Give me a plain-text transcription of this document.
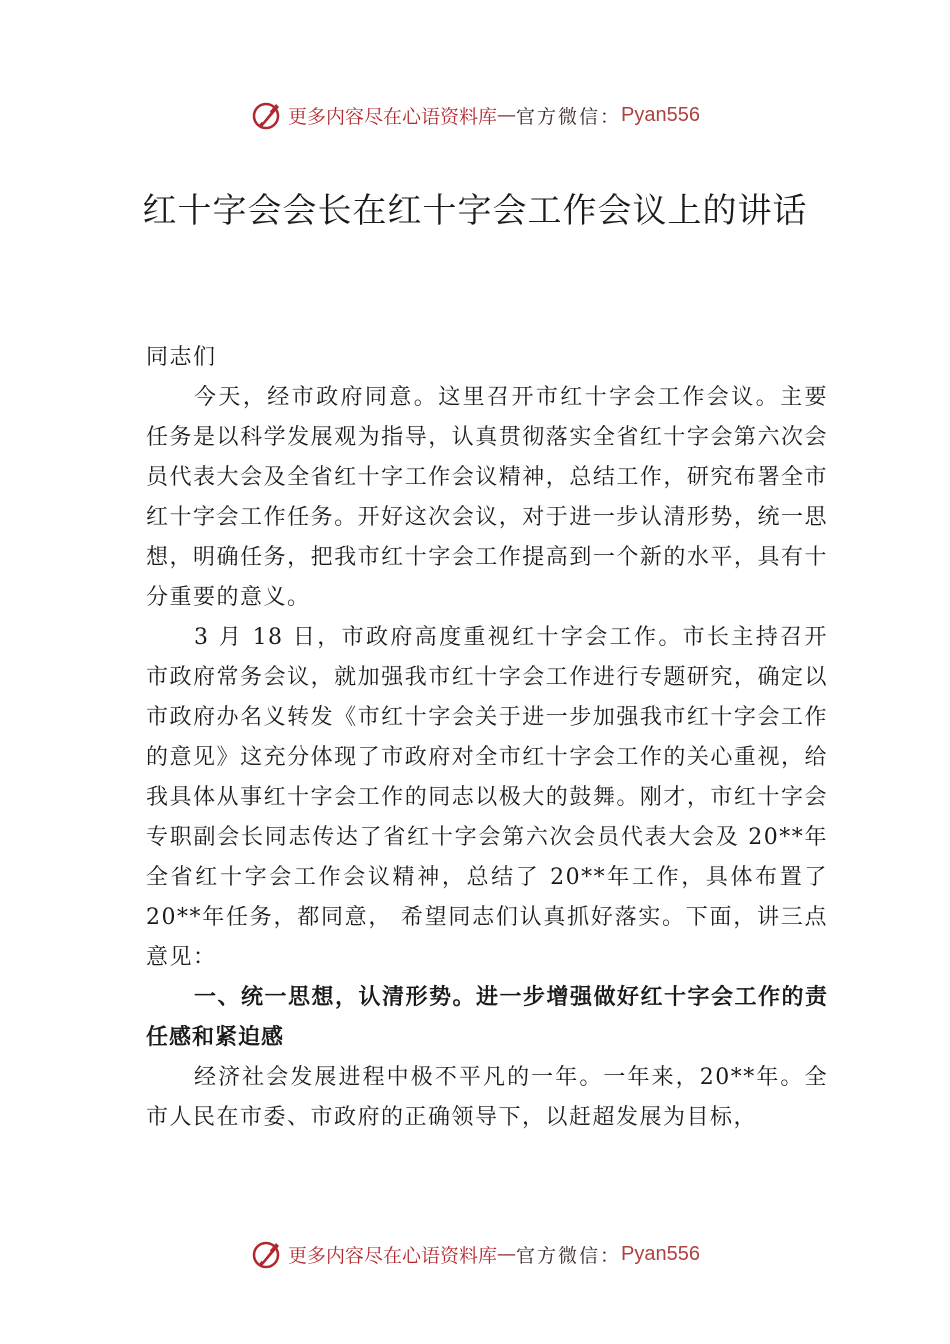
更多内容尽在心语资料库 — 官方微信： Pyan556
红十字会会长在红十字会工作会议上的讲话

同志们

今天，经市政府同意。这里召开市红十字会工作会议。主要任务是以科学发展观为指导，认真贯彻落实全省红十字会第六次会员代表大会及全省红十字工作会议精神，总结工作，研究布署全市红十字会工作任务。开好这次会议，对于进一步认清形势，统一思想，明确任务，把我市红十字会工作提高到一个新的水平，具有十分重要的意义。

3 月 18 日，市政府高度重视红十字会工作。市长主持召开市政府常务会议，就加强我市红十字会工作进行专题研究，确定以市政府办名义转发《市红十字会关于进一步加强我市红十字会工作的意见》这充分体现了市政府对全市红十字会工作的关心重视，给我具体从事红十字会工作的同志以极大的鼓舞。刚才，市红十字会专职副会长同志传达了省红十字会第六次会员代表大会及 20**年全省红十字会工作会议精神，总结了 20**年工作，具体布置了 20**年任务，都同意， 希望同志们认真抓好落实。下面，讲三点意见：

一、统一思想，认清形势。进一步增强做好红十字会工作的责任感和紧迫感

经济社会发展进程中极不平凡的一年。一年来，20**年。全市人民在市委、市政府的正确领导下，以赶超发展为目标，

更多内容尽在心语资料库 — 官方微信： Pyan556
